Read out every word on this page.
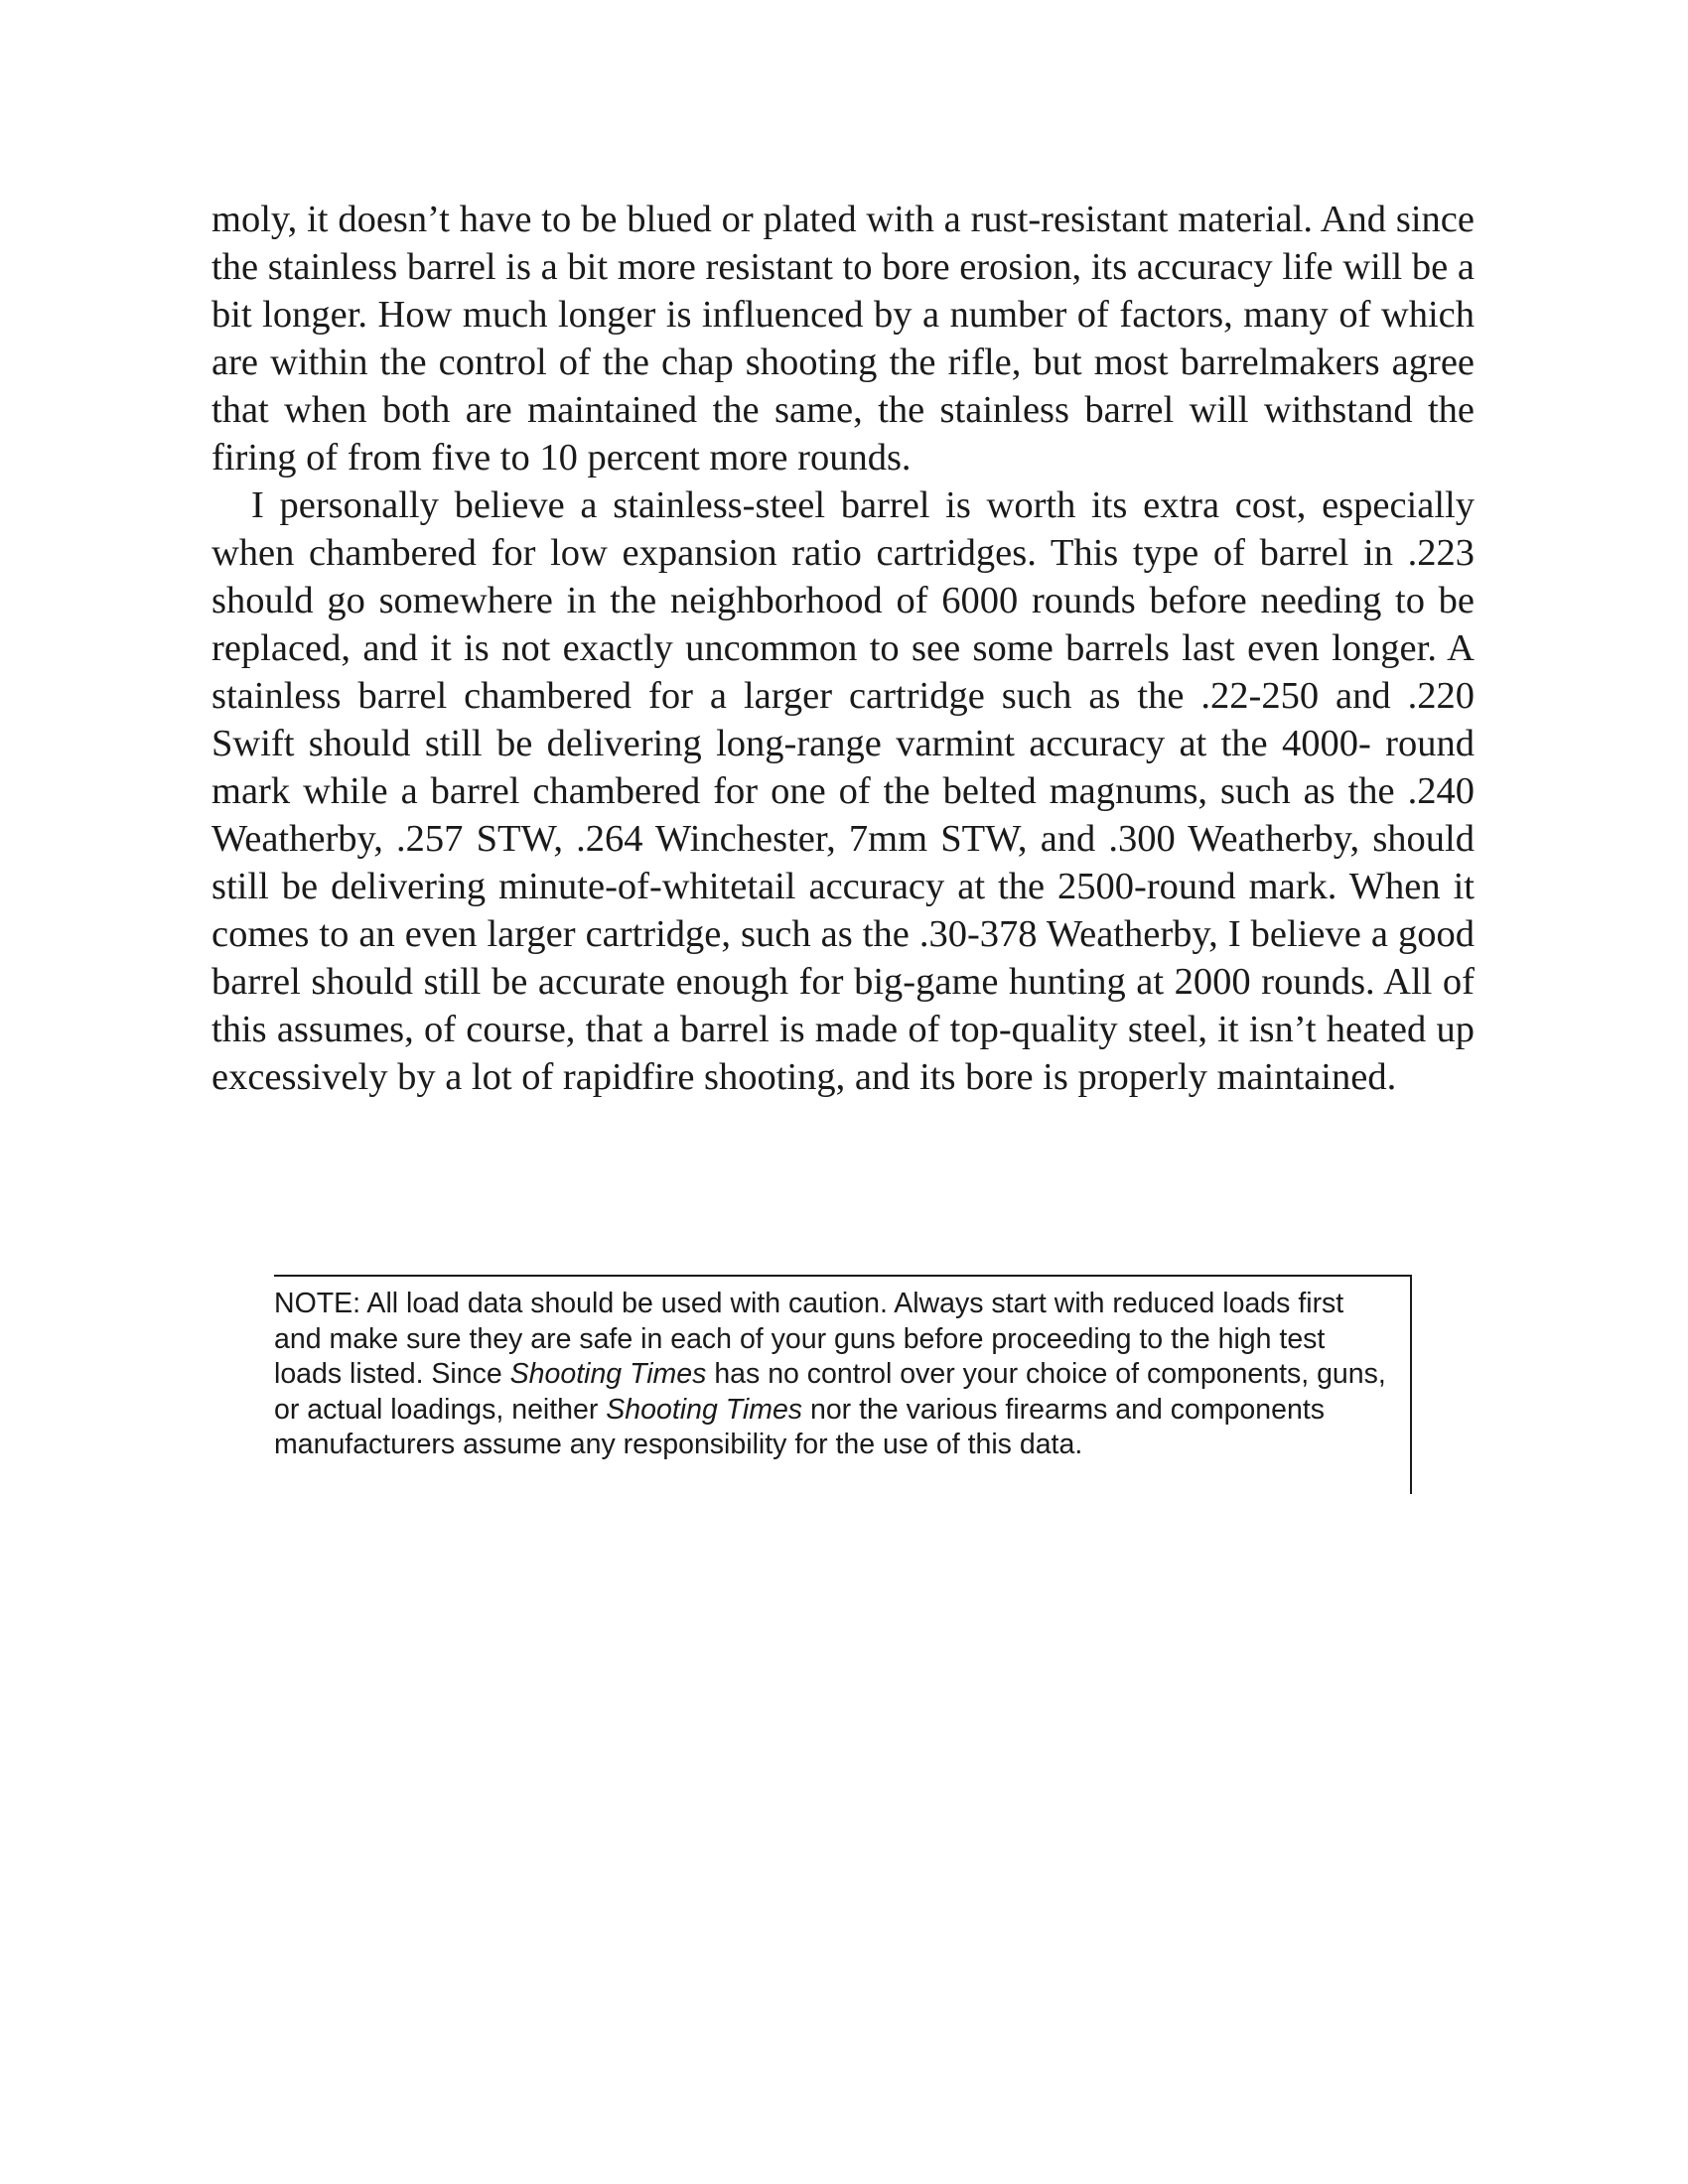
moly, it doesn’t have to be blued or plated with a rust-resistant material. And since the stainless barrel is a bit more resistant to bore erosion, its accuracy life will be a bit longer. How much longer is influenced by a number of factors, many of which are within the control of the chap shooting the rifle, but most barrelmakers agree that when both are maintained the same, the stainless barrel will withstand the firing of from five to 10 percent more rounds.

I personally believe a stainless-steel barrel is worth its extra cost, especially when chambered for low expansion ratio cartridges. This type of barrel in .223 should go somewhere in the neighborhood of 6000 rounds before needing to be replaced, and it is not exactly uncommon to see some barrels last even longer. A stainless barrel chambered for a larger cartridge such as the .22-250 and .220 Swift should still be delivering long-range varmint accuracy at the 4000- round mark while a barrel chambered for one of the belted magnums, such as the .240 Weatherby, .257 STW, .264 Winchester, 7mm STW, and .300 Weatherby, should still be delivering minute-of-whitetail accuracy at the 2500-round mark. When it comes to an even larger cartridge, such as the .30-378 Weatherby, I believe a good barrel should still be accurate enough for big-game hunting at 2000 rounds. All of this assumes, of course, that a barrel is made of top-quality steel, it isn’t heated up excessively by a lot of rapidfire shooting, and its bore is properly maintained.

NOTE: All load data should be used with caution. Always start with reduced loads first and make sure they are safe in each of your guns before proceeding to the high test loads listed. Since Shooting Times has no control over your choice of components, guns, or actual loadings, neither Shooting Times nor the various firearms and components manufacturers assume any responsibility for the use of this data.
